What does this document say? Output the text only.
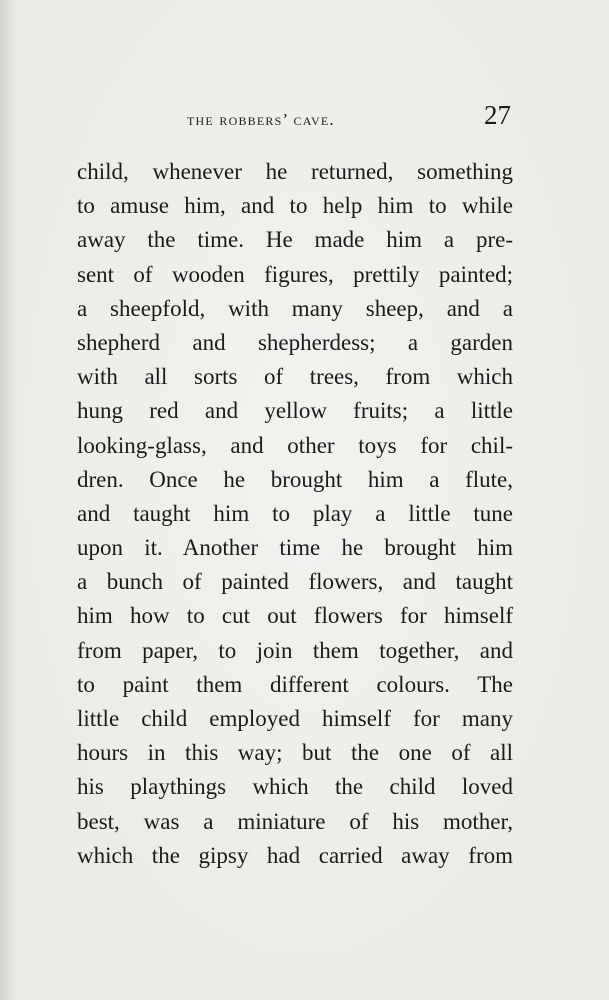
the robbers’ cave.	27
child, whenever he returned, something
to amuse him, and to help him to while
away the time. He made him a pre-
sent of wooden figures, prettily painted;
a sheepfold, with many sheep, and a
shepherd and shepherdess; a garden
with all sorts of trees, from which
hung red and yellow fruits; a little
looking-glass, and other toys for chil-
dren. Once he brought him a flute,
and taught him to play a little tune
upon it. Another time he brought him
a bunch of painted flowers, and taught
him how to cut out flowers for himself
from paper, to join them together, and
to paint them different colours. The
little child employed himself for many
hours in this way; but the one of all
his playthings which the child loved
best, was a miniature of his mother,
which the gipsy had carried away from
